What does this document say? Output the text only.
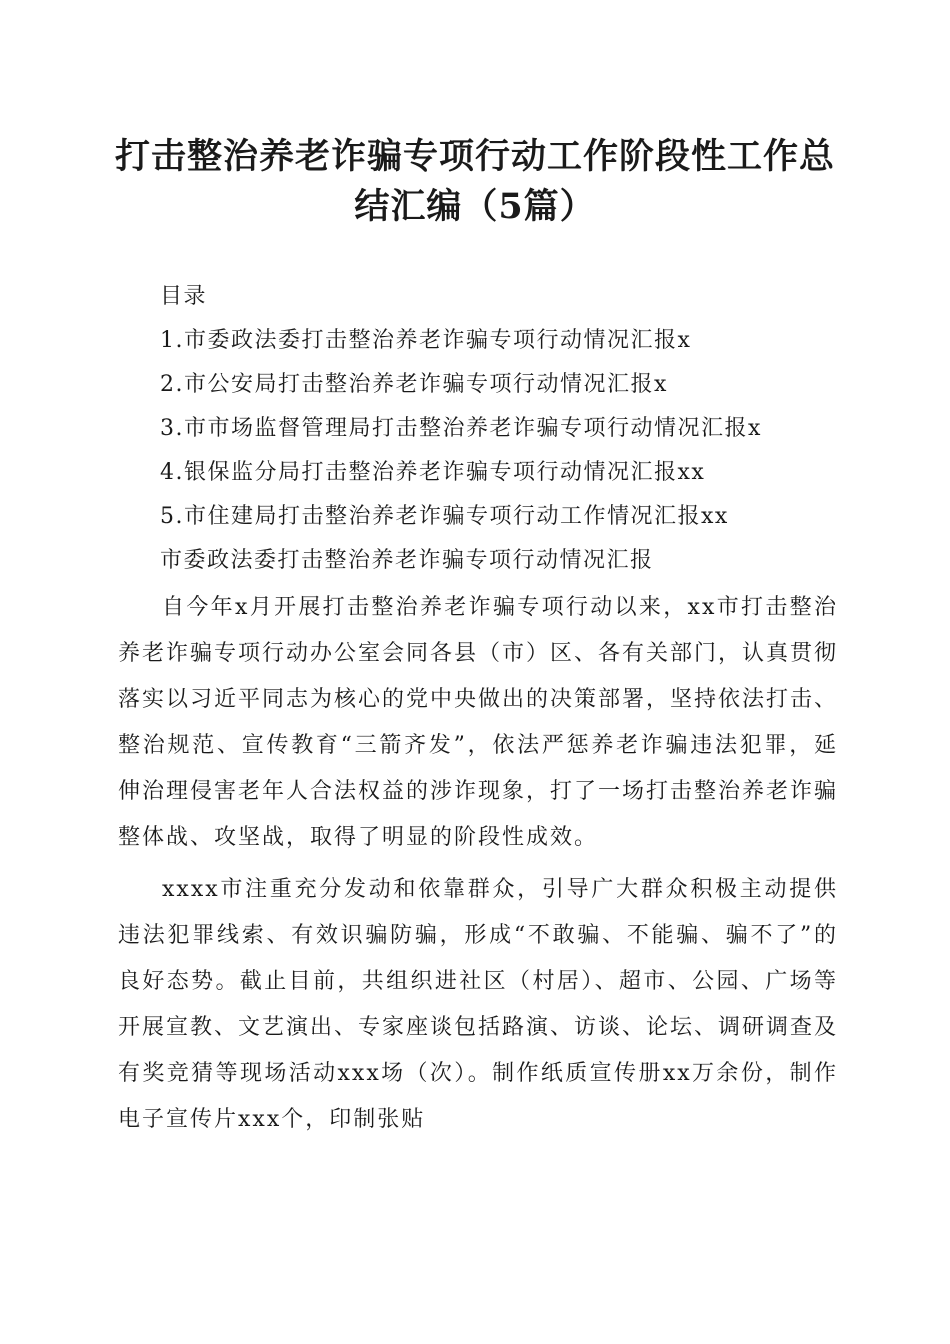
打击整治养老诈骗专项行动工作阶段性工作总
结汇编（5篇）
目录
1.市委政法委打击整治养老诈骗专项行动情况汇报x
2.市公安局打击整治养老诈骗专项行动情况汇报x
3.市市场监督管理局打击整治养老诈骗专项行动情况汇报x
4.银保监分局打击整治养老诈骗专项行动情况汇报xx
5.市住建局打击整治养老诈骗专项行动工作情况汇报xx
市委政法委打击整治养老诈骗专项行动情况汇报

自今年x月开展打击整治养老诈骗专项行动以来，xx市打击整治养老诈骗专项行动办公室会同各县（市）区、各有关部门，认真贯彻落实以习近平同志为核心的党中央做出的决策部署，坚持依法打击、整治规范、宣传教育“三箭齐发”，依法严惩养老诈骗违法犯罪，延伸治理侵害老年人合法权益的涉诈现象，打了一场打击整治养老诈骗整体战、攻坚战，取得了明显的阶段性成效。

xxxx市注重充分发动和依靠群众，引导广大群众积极主动提供违法犯罪线索、有效识骗防骗，形成“不敢骗、不能骗、骗不了”的良好态势。截止目前，共组织进社区（村居）、超市、公园、广场等开展宣教、文艺演出、专家座谈包括路演、访谈、论坛、调研调查及有奖竞猜等现场活动xxx场（次）。制作纸质宣传册xx万余份，制作电子宣传片xxx个，印制张贴
